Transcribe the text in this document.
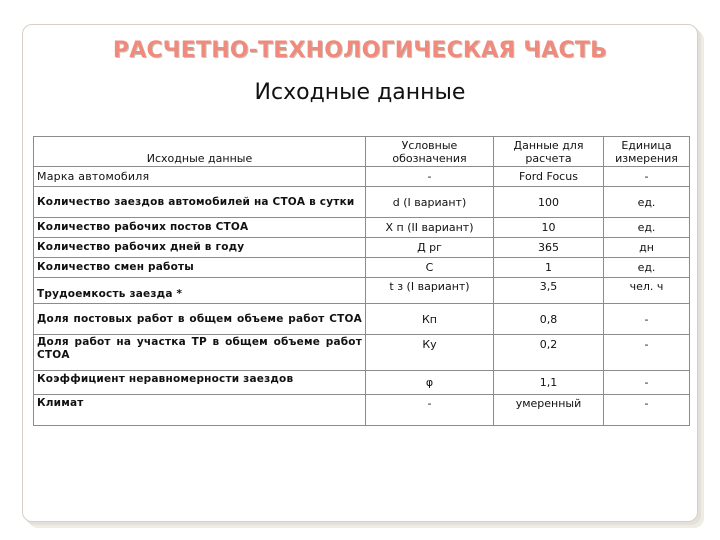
РАСЧЕТНО-ТЕХНОЛОГИЧЕСКАЯ ЧАСТЬ
Исходные данные
Исходные данные	Условные обозначения	Данные для расчета	Единица измерения
Марка автомобиля	-	Ford Focus	-
Количество заездов автомобилей на СТОА в сутки	d (I вариант)	100	ед.
Количество рабочих постов СТОА	Х п (II вариант)	10	ед.
Количество рабочих дней в году	Д рг	365	дн
Количество смен работы	С	1	ед.
Трудоемкость заезда *	t з (I вариант)	3,5	чел. ч
Доля постовых работ в общем объеме работ СТОА	Кп	0,8	-
Доля работ на участка ТР в общем объеме работ СТОА	Ку	0,2	-
Коэффициент неравномерности заездов	φ	1,1	-
Климат	-	умеренный	-
